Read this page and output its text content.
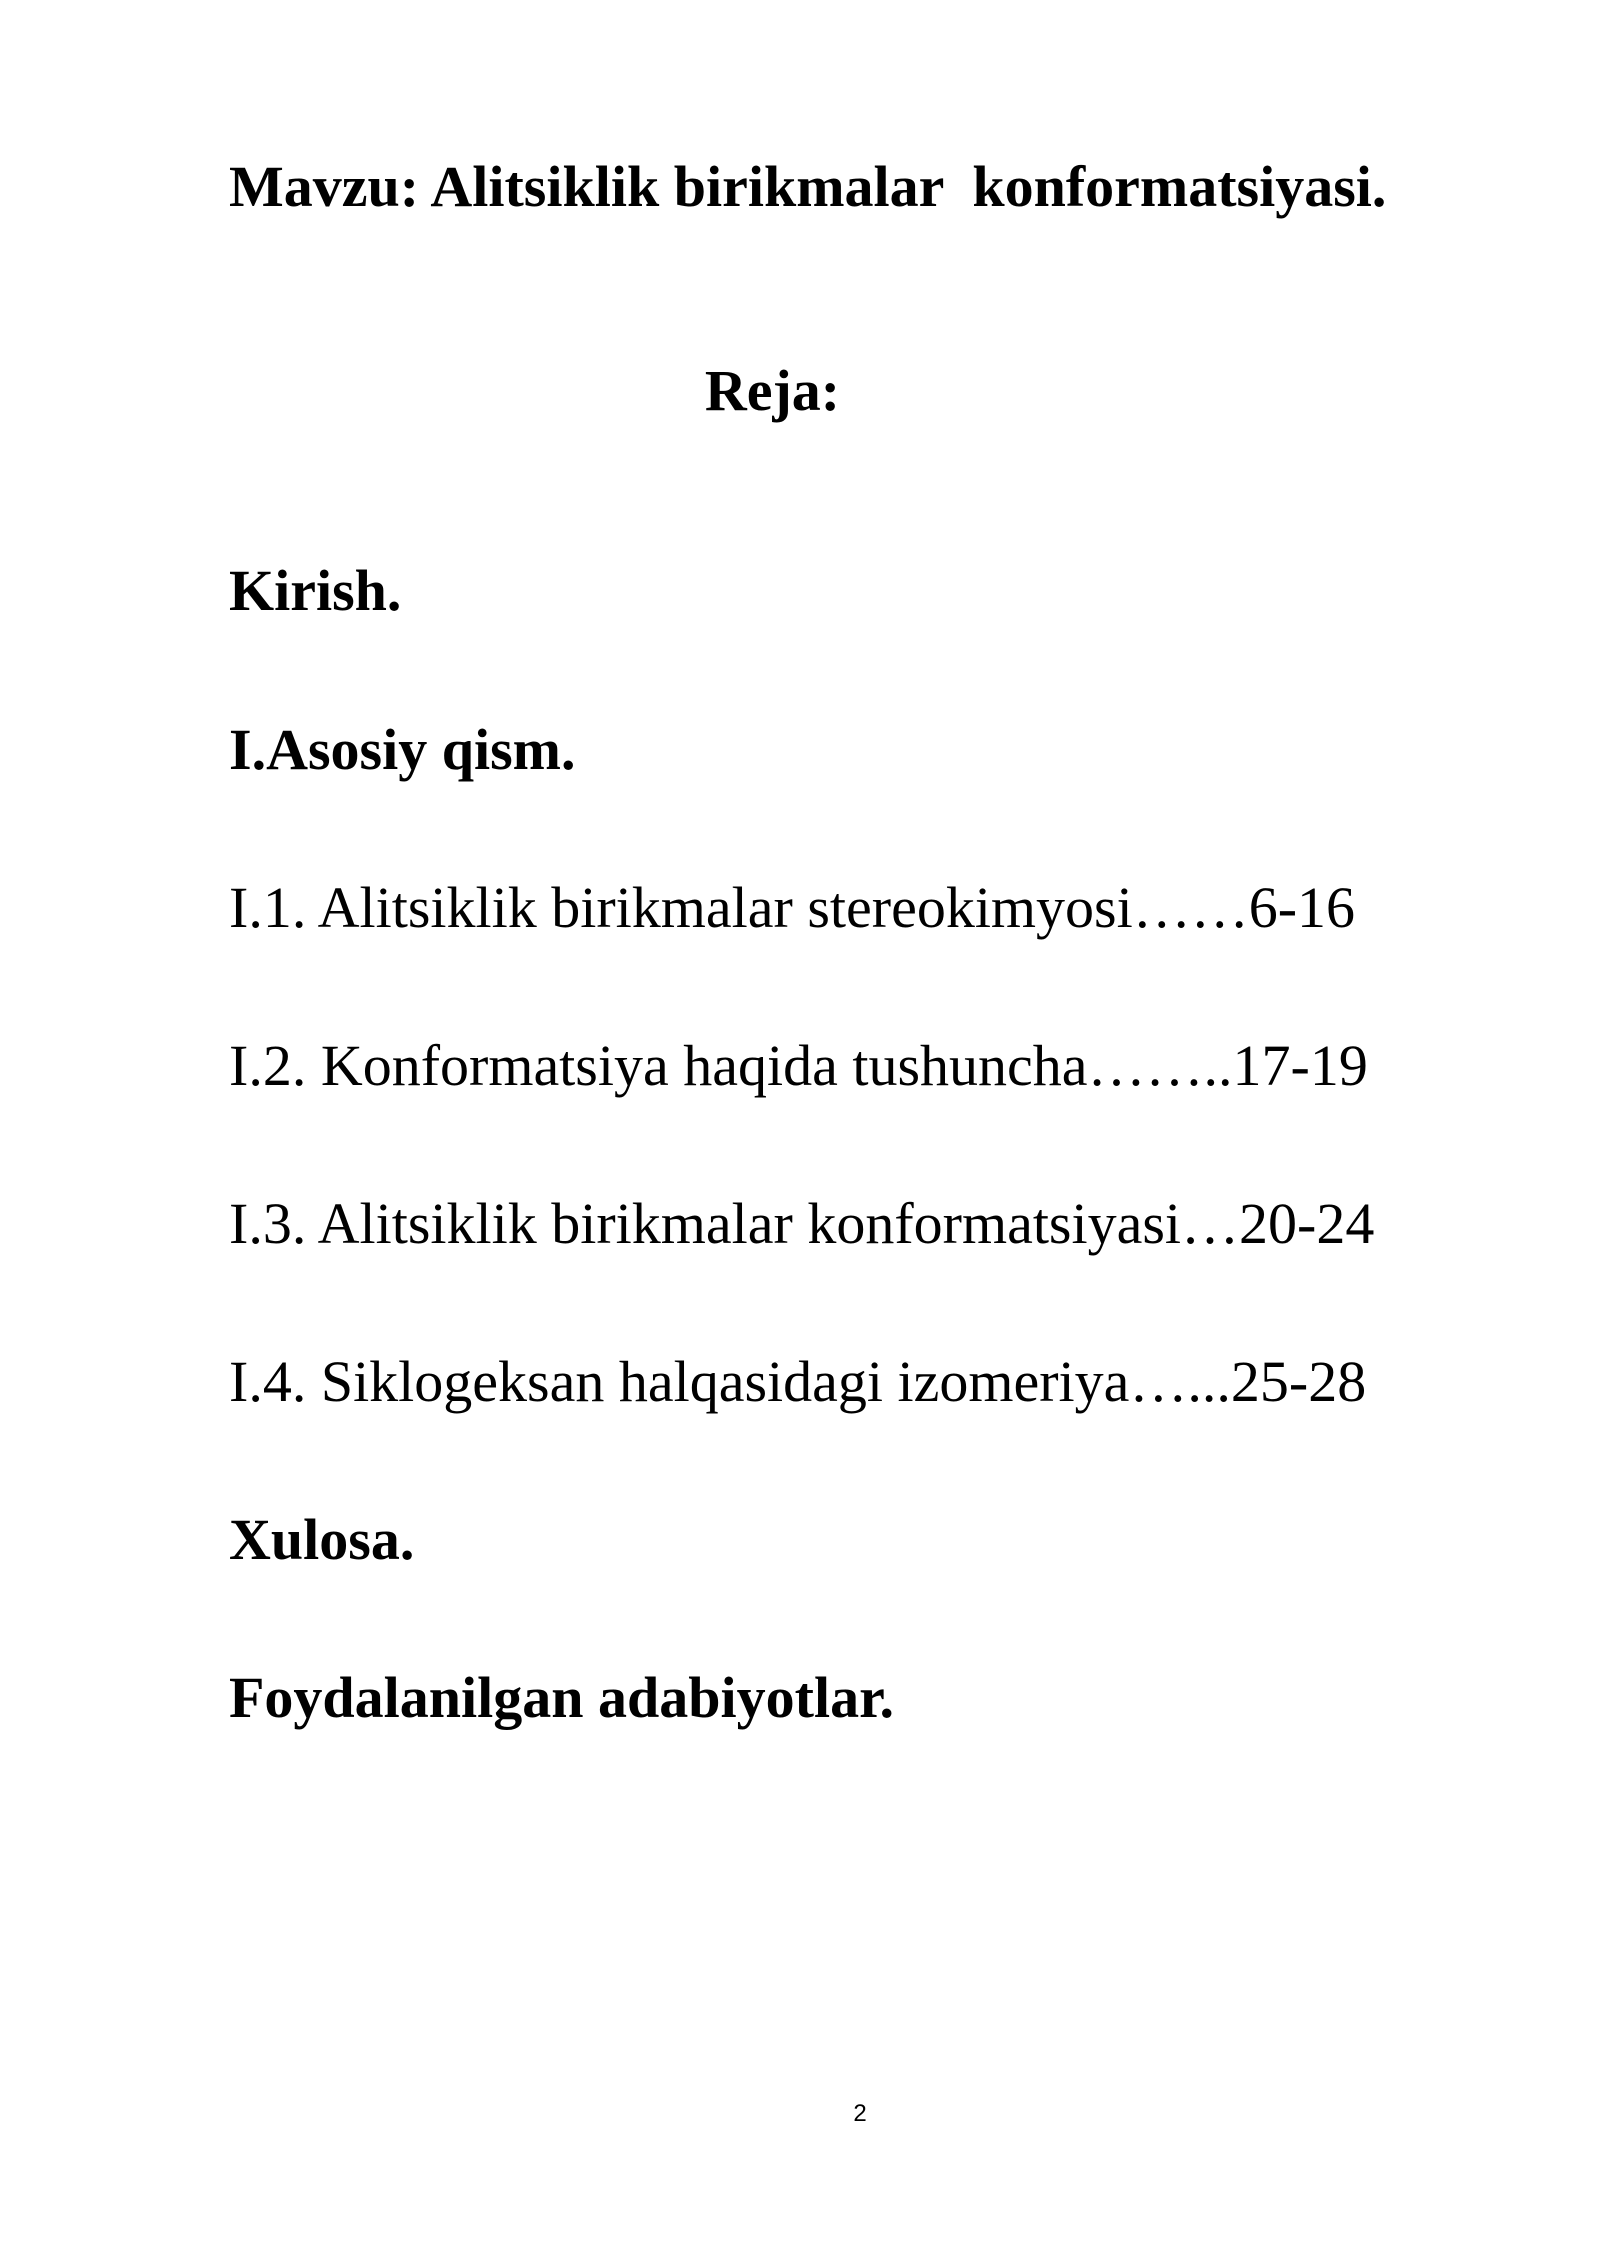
Mavzu: Alitsiklik birikmalar  konformatsiyasi.
Reja:
Kirish.
I.Asosiy qism.
I.1. Alitsiklik birikmalar stereokimyosi……6-16
I.2. Konformatsiya haqida tushuncha……..17-19
I.3. Alitsiklik birikmalar konformatsiyasi…20-24
I.4. Siklogeksan halqasidagi izomeriya…...25-28
Xulosa.
Foydalanilgan adabiyotlar.
2
